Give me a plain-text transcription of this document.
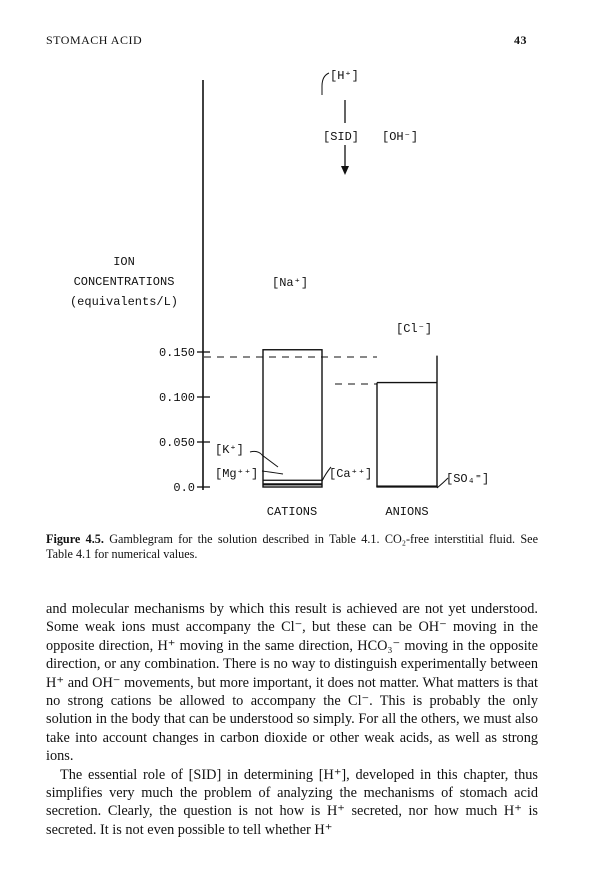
STOMACH ACID	43
0.0
0.050
0.100
0.150
ION
CONCENTRATIONS
(equivalents/L)
[H⁺]
[SID] [OH⁻]
[Na⁺]
[Cl⁻]
[K⁺]
[Mg⁺⁺]	[Ca⁺⁺]	[SO₄⁼]
CATIONS	ANIONS
Figure 4.5. Gamblegram for the solution described in Table 4.1. CO₂-free interstitial fluid. See Table 4.1 for numerical values.

and molecular mechanisms by which this result is achieved are not yet understood. Some weak ions must accompany the Cl⁻, but these can be OH⁻ moving in the opposite direction, H⁺ moving in the same direction, HCO₃⁻ moving in the opposite direction, or any combination. There is no way to distinguish experimentally between H⁺ and OH⁻ movements, but more important, it does not matter. What matters is that no strong cations be allowed to accompany the Cl⁻. This is probably the only solution in the body that can be understood so simply. For all the others, we must also take into account changes in carbon dioxide or other weak acids, as well as strong ions.

The essential role of [SID] in determining [H⁺], developed in this chapter, thus simplifies very much the problem of analyzing the mechanisms of stomach acid secretion. Clearly, the question is not how is H⁺ secreted, nor how much H⁺ is secreted. It is not even possible to tell whether H⁺
